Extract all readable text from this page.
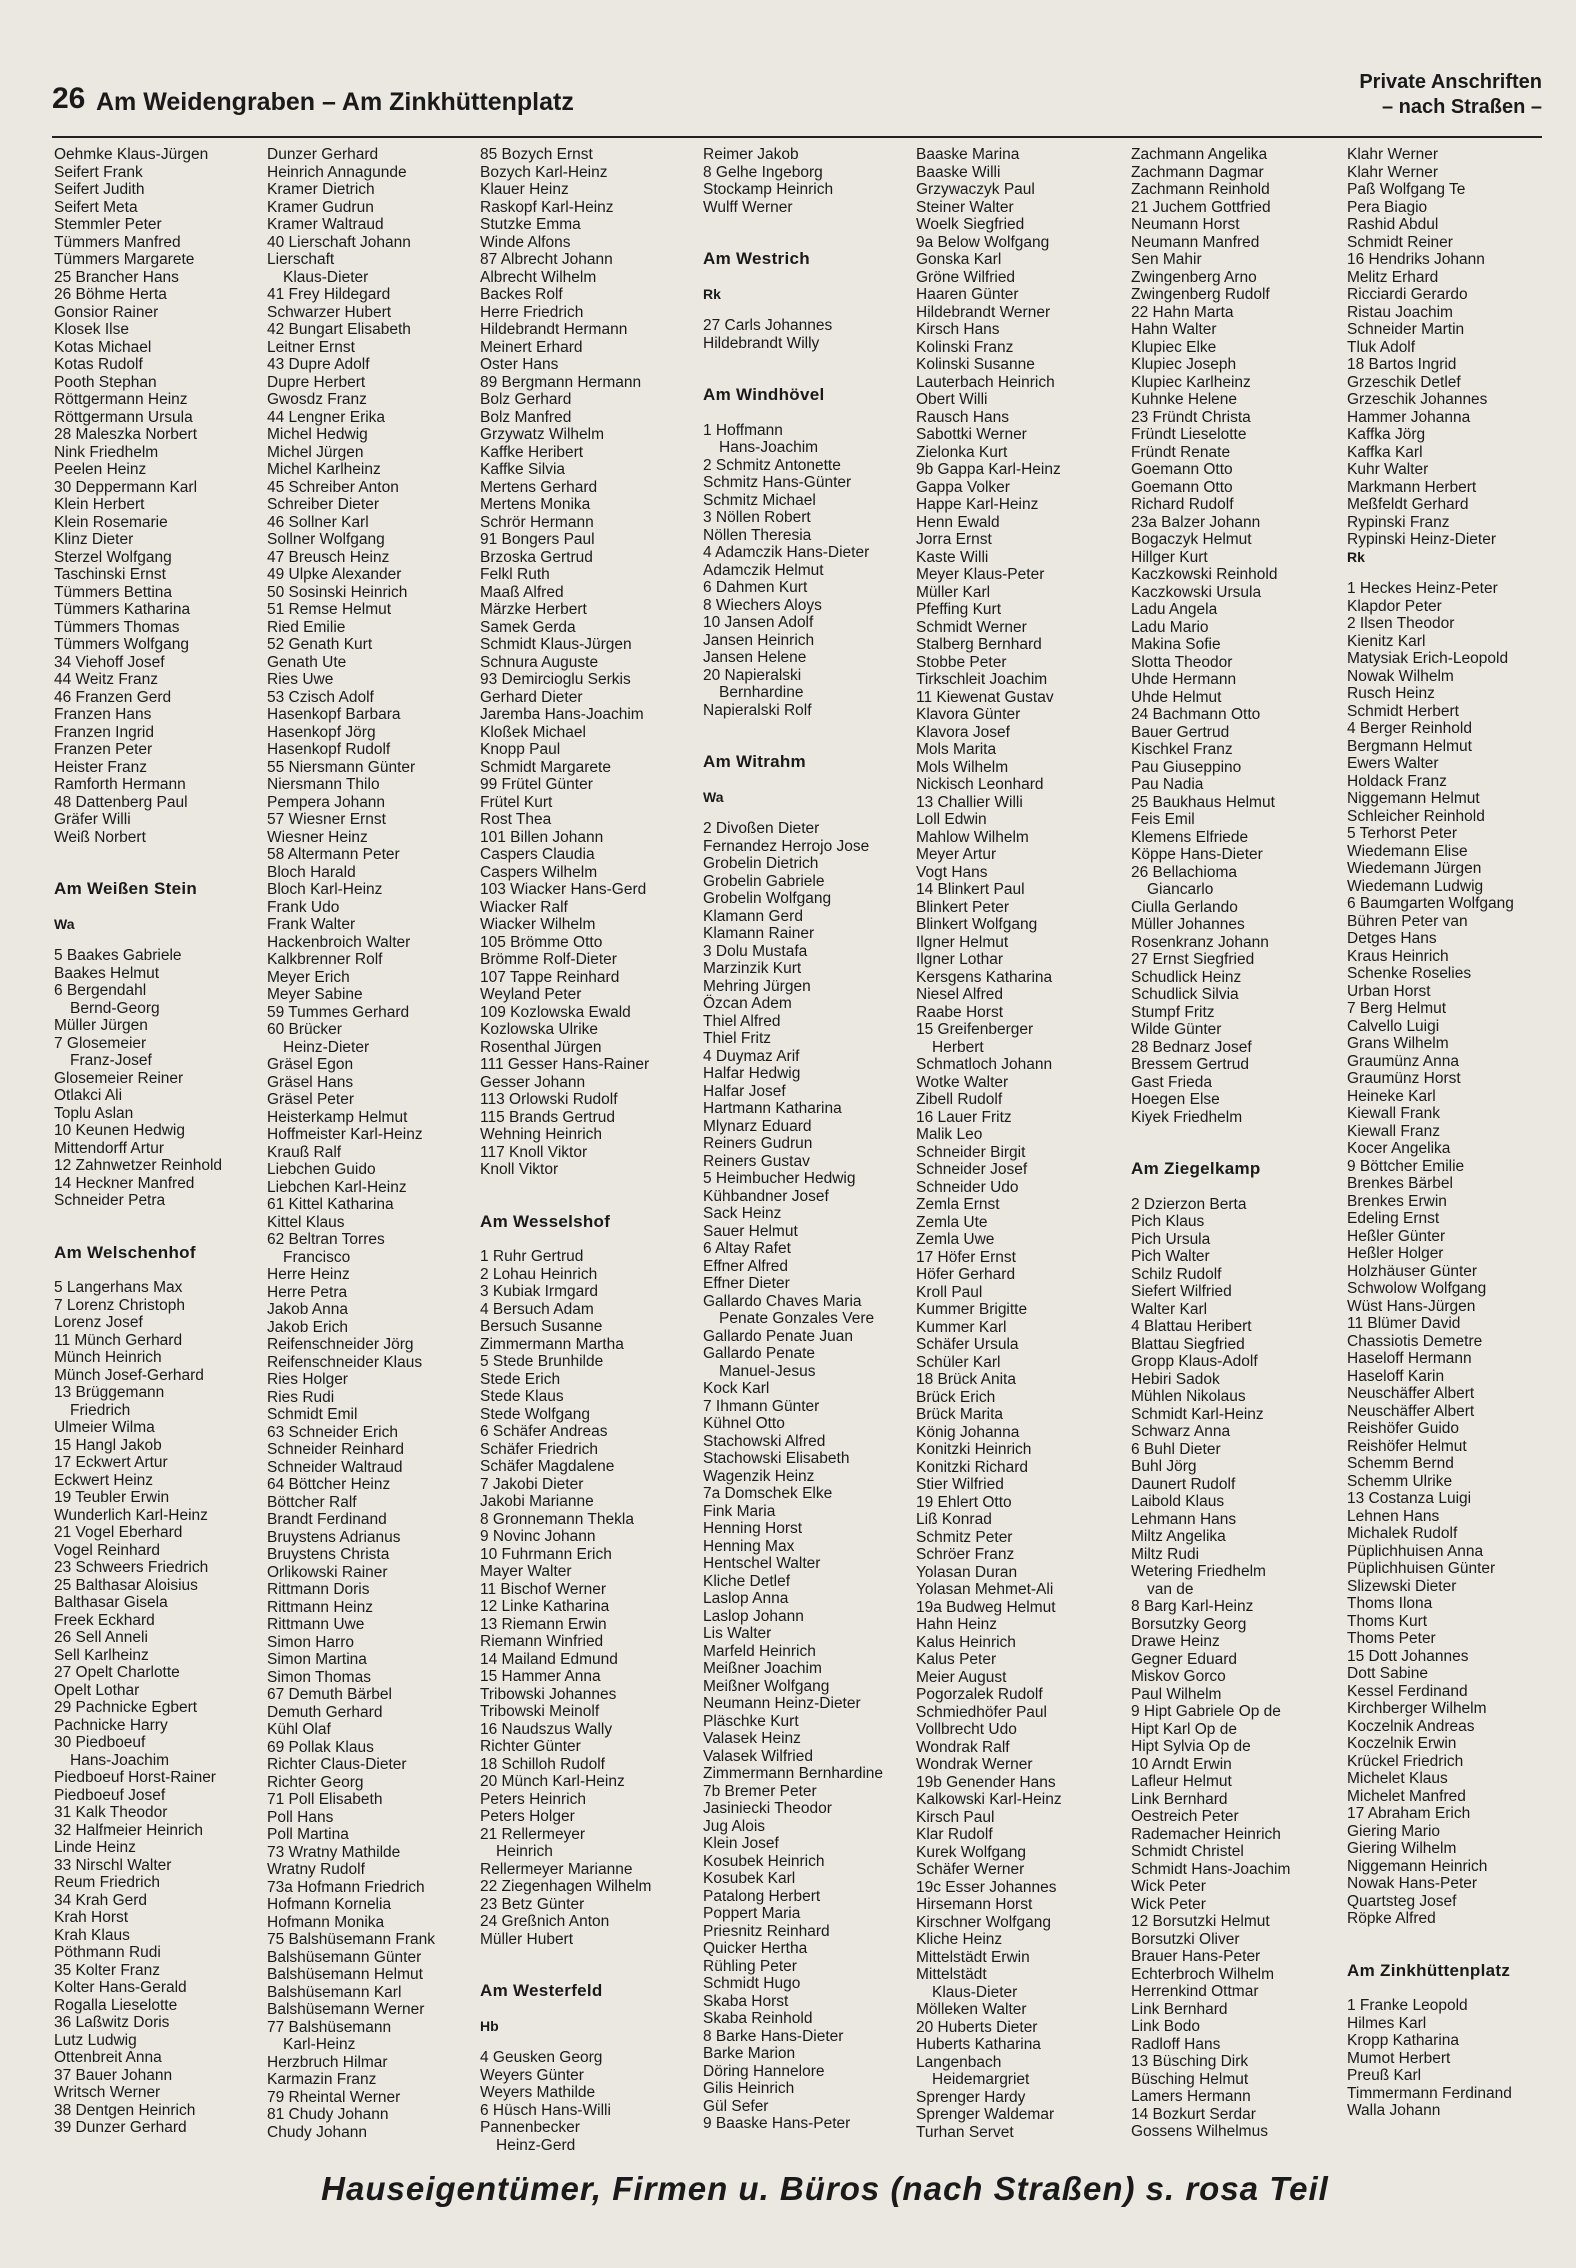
26 Am Weidengraben – Am Zinkhüttenplatz
Private Anschriften
– nach Straßen –
Oehmke Klaus-Jürgen
Seifert Frank
Seifert Judith
Seifert Meta
Stemmler Peter
Tümmers Manfred
Tümmers Margarete
25 Brancher Hans
26 Böhme Herta
Gonsior Rainer
Klosek Ilse
Kotas Michael
Kotas Rudolf
Pooth Stephan
Röttgermann Heinz
Röttgermann Ursula
28 Maleszka Norbert
Nink Friedhelm
Peelen Heinz
30 Deppermann Karl
Klein Herbert
Klein Rosemarie
Klinz Dieter
Sterzel Wolfgang
Taschinski Ernst
Tümmers Bettina
Tümmers Katharina
Tümmers Thomas
Tümmers Wolfgang
34 Viehoff Josef
44 Weitz Franz
46 Franzen Gerd
Franzen Hans
Franzen Ingrid
Franzen Peter
Heister Franz
Ramforth Hermann
48 Dattenberg Paul
Gräfer Willi
Weiß Norbert
Am Weißen Stein
Wa
5 Baakes Gabriele
Baakes Helmut
6 Bergendahl
Bernd-Georg
Müller Jürgen
7 Glosemeier
Franz-Josef
Glosemeier Reiner
Otlakci Ali
Toplu Aslan
10 Keunen Hedwig
Mittendorff Artur
12 Zahnwetzer Reinhold
14 Heckner Manfred
Schneider Petra
Am Welschenhof
5 Langerhans Max
7 Lorenz Christoph
Lorenz Josef
11 Münch Gerhard
Münch Heinrich
Münch Josef-Gerhard
13 Brüggemann
Friedrich
Ulmeier Wilma
15 Hangl Jakob
17 Eckwert Artur
Eckwert Heinz
19 Teubler Erwin
Wunderlich Karl-Heinz
21 Vogel Eberhard
Vogel Reinhard
23 Schweers Friedrich
25 Balthasar Aloisius
Balthasar Gisela
Freek Eckhard
26 Sell Anneli
Sell Karlheinz
27 Opelt Charlotte
Opelt Lothar
29 Pachnicke Egbert
Pachnicke Harry
30 Piedboeuf
Hans-Joachim
Piedboeuf Horst-Rainer
Piedboeuf Josef
31 Kalk Theodor
32 Halfmeier Heinrich
Linde Heinz
33 Nirschl Walter
Reum Friedrich
34 Krah Gerd
Krah Horst
Krah Klaus
Pöthmann Rudi
35 Kolter Franz
Kolter Hans-Gerald
Rogalla Lieselotte
36 Laßwitz Doris
Lutz Ludwig
Ottenbreit Anna
37 Bauer Johann
Writsch Werner
38 Dentgen Heinrich
39 Dunzer Gerhard
Dunzer Gerhard
Heinrich Annagunde
Kramer Dietrich
Kramer Gudrun
Kramer Waltraud
40 Lierschaft Johann
Lierschaft
Klaus-Dieter
41 Frey Hildegard
Schwarzer Hubert
42 Bungart Elisabeth
Leitner Ernst
43 Dupre Adolf
Dupre Herbert
Gwosdz Franz
44 Lengner Erika
Michel Hedwig
Michel Jürgen
Michel Karlheinz
45 Schreiber Anton
Schreiber Dieter
46 Sollner Karl
Sollner Wolfgang
47 Breusch Heinz
49 Ulpke Alexander
50 Sosinski Heinrich
51 Remse Helmut
Ried Emilie
52 Genath Kurt
Genath Ute
Ries Uwe
53 Czisch Adolf
Hasenkopf Barbara
Hasenkopf Jörg
Hasenkopf Rudolf
55 Niersmann Günter
Niersmann Thilo
Pempera Johann
57 Wiesner Ernst
Wiesner Heinz
58 Altermann Peter
Bloch Harald
Bloch Karl-Heinz
Frank Udo
Frank Walter
Hackenbroich Walter
Kalkbrenner Rolf
Meyer Erich
Meyer Sabine
59 Tummes Gerhard
60 Brücker
Heinz-Dieter
Gräsel Egon
Gräsel Hans
Gräsel Peter
Heisterkamp Helmut
Hoffmeister Karl-Heinz
Krauß Ralf
Liebchen Guido
Liebchen Karl-Heinz
61 Kittel Katharina
Kittel Klaus
62 Beltran Torres
Francisco
Herre Heinz
Herre Petra
Jakob Anna
Jakob Erich
Reifenschneider Jörg
Reifenschneider Klaus
Ries Holger
Ries Rudi
Schmidt Emil
63 Schneider Erich
Schneider Reinhard
Schneider Waltraud
64 Böttcher Heinz
Böttcher Ralf
Brandt Ferdinand
Bruystens Adrianus
Bruystens Christa
Orlikowski Rainer
Rittmann Doris
Rittmann Heinz
Rittmann Uwe
Simon Harro
Simon Martina
Simon Thomas
67 Demuth Bärbel
Demuth Gerhard
Kühl Olaf
69 Pollak Klaus
Richter Claus-Dieter
Richter Georg
71 Poll Elisabeth
Poll Hans
Poll Martina
73 Wratny Mathilde
Wratny Rudolf
73a Hofmann Friedrich
Hofmann Kornelia
Hofmann Monika
75 Balshüsemann Frank
Balshüsemann Günter
Balshüsemann Helmut
Balshüsemann Karl
Balshüsemann Werner
77 Balshüsemann
Karl-Heinz
Herzbruch Hilmar
Karmazin Franz
79 Rheintal Werner
81 Chudy Johann
Chudy Johann
85 Bozych Ernst
Bozych Karl-Heinz
Klauer Heinz
Raskopf Karl-Heinz
Stutzke Emma
Winde Alfons
87 Albrecht Johann
Albrecht Wilhelm
Backes Rolf
Herre Friedrich
Hildebrandt Hermann
Meinert Erhard
Oster Hans
89 Bergmann Hermann
Bolz Gerhard
Bolz Manfred
Grzywatz Wilhelm
Kaffke Heribert
Kaffke Silvia
Mertens Gerhard
Mertens Monika
Schrör Hermann
91 Bongers Paul
Brzoska Gertrud
Felkl Ruth
Maaß Alfred
Märzke Herbert
Samek Gerda
Schmidt Klaus-Jürgen
Schnura Auguste
93 Demircioglu Serkis
Gerhard Dieter
Jaremba Hans-Joachim
Kloßek Michael
Knopp Paul
Schmidt Margarete
99 Frütel Günter
Frütel Kurt
Rost Thea
101 Billen Johann
Caspers Claudia
Caspers Wilhelm
103 Wiacker Hans-Gerd
Wiacker Ralf
Wiacker Wilhelm
105 Brömme Otto
Brömme Rolf-Dieter
107 Tappe Reinhard
Weyland Peter
109 Kozlowska Ewald
Kozlowska Ulrike
Rosenthal Jürgen
111 Gesser Hans-Rainer
Gesser Johann
113 Orlowski Rudolf
115 Brands Gertrud
Wehning Heinrich
117 Knoll Viktor
Knoll Viktor
Am Wesselshof
1 Ruhr Gertrud
2 Lohau Heinrich
3 Kubiak Irmgard
4 Bersuch Adam
Bersuch Susanne
Zimmermann Martha
5 Stede Brunhilde
Stede Erich
Stede Klaus
Stede Wolfgang
6 Schäfer Andreas
Schäfer Friedrich
Schäfer Magdalene
7 Jakobi Dieter
Jakobi Marianne
8 Gronnemann Thekla
9 Novinc Johann
10 Fuhrmann Erich
Mayer Walter
11 Bischof Werner
12 Linke Katharina
13 Riemann Erwin
Riemann Winfried
14 Mailand Edmund
15 Hammer Anna
Tribowski Johannes
Tribowski Meinolf
16 Naudszus Wally
Richter Günter
18 Schilloh Rudolf
20 Münch Karl-Heinz
Peters Heinrich
Peters Holger
21 Rellermeyer
Heinrich
Rellermeyer Marianne
22 Ziegenhagen Wilhelm
23 Betz Günter
24 Greßnich Anton
Müller Hubert
Am Westerfeld
Hb
4 Geusken Georg
Weyers Günter
Weyers Mathilde
6 Hüsch Hans-Willi
Pannenbecker
Heinz-Gerd
Reimer Jakob
8 Gelhe Ingeborg
Stockamp Heinrich
Wulff Werner
Am Westrich
Rk
27 Carls Johannes
Hildebrandt Willy
Am Windhövel
1 Hoffmann
Hans-Joachim
2 Schmitz Antonette
Schmitz Hans-Günter
Schmitz Michael
3 Nöllen Robert
Nöllen Theresia
4 Adamczik Hans-Dieter
Adamczik Helmut
6 Dahmen Kurt
8 Wiechers Aloys
10 Jansen Adolf
Jansen Heinrich
Jansen Helene
20 Napieralski
Bernhardine
Napieralski Rolf
Am Witrahm
Wa
2 Divoßen Dieter
Fernandez Herrojo Jose
Grobelin Dietrich
Grobelin Gabriele
Grobelin Wolfgang
Klamann Gerd
Klamann Rainer
3 Dolu Mustafa
Marzinzik Kurt
Mehring Jürgen
Özcan Adem
Thiel Alfred
Thiel Fritz
4 Duymaz Arif
Halfar Hedwig
Halfar Josef
Hartmann Katharina
Mlynarz Eduard
Reiners Gudrun
Reiners Gustav
5 Heimbucher Hedwig
Kühbandner Josef
Sack Heinz
Sauer Helmut
6 Altay Rafet
Effner Alfred
Effner Dieter
Gallardo Chaves Maria
Penate Gonzales Vere
Gallardo Penate Juan
Gallardo Penate
Manuel-Jesus
Kock Karl
7 Ihmann Günter
Kühnel Otto
Stachowski Alfred
Stachowski Elisabeth
Wagenzik Heinz
7a Domschek Elke
Fink Maria
Henning Horst
Henning Max
Hentschel Walter
Kliche Detlef
Laslop Anna
Laslop Johann
Lis Walter
Marfeld Heinrich
Meißner Joachim
Meißner Wolfgang
Neumann Heinz-Dieter
Pläschke Kurt
Valasek Heinz
Valasek Wilfried
Zimmermann Bernhardine
7b Bremer Peter
Jasiniecki Theodor
Jug Alois
Klein Josef
Kosubek Heinrich
Kosubek Karl
Patalong Herbert
Poppert Maria
Priesnitz Reinhard
Quicker Hertha
Rühling Peter
Schmidt Hugo
Skaba Horst
Skaba Reinhold
8 Barke Hans-Dieter
Barke Marion
Döring Hannelore
Gilis Heinrich
Gül Sefer
9 Baaske Hans-Peter
Baaske Marina
Baaske Willi
Grzywaczyk Paul
Steiner Walter
Woelk Siegfried
9a Below Wolfgang
Gonska Karl
Gröne Wilfried
Haaren Günter
Hildebrandt Werner
Kirsch Hans
Kolinski Franz
Kolinski Susanne
Lauterbach Heinrich
Obert Willi
Rausch Hans
Sabottki Werner
Zielonka Kurt
9b Gappa Karl-Heinz
Gappa Volker
Happe Karl-Heinz
Henn Ewald
Jorra Ernst
Kaste Willi
Meyer Klaus-Peter
Müller Karl
Pfeffing Kurt
Schmidt Werner
Stalberg Bernhard
Stobbe Peter
Tirkschleit Joachim
11 Kiewenat Gustav
Klavora Günter
Klavora Josef
Mols Marita
Mols Wilhelm
Nickisch Leonhard
13 Challier Willi
Loll Edwin
Mahlow Wilhelm
Meyer Artur
Vogt Hans
14 Blinkert Paul
Blinkert Peter
Blinkert Wolfgang
Ilgner Helmut
Ilgner Lothar
Kersgens Katharina
Niesel Alfred
Raabe Horst
15 Greifenberger
Herbert
Schmatloch Johann
Wotke Walter
Zibell Rudolf
16 Lauer Fritz
Malik Leo
Schneider Birgit
Schneider Josef
Schneider Udo
Zemla Ernst
Zemla Ute
Zemla Uwe
17 Höfer Ernst
Höfer Gerhard
Kroll Paul
Kummer Brigitte
Kummer Karl
Schäfer Ursula
Schüler Karl
18 Brück Anita
Brück Erich
Brück Marita
König Johanna
Konitzki Heinrich
Konitzki Richard
Stier Wilfried
19 Ehlert Otto
Liß Konrad
Schmitz Peter
Schröer Franz
Yolasan Duran
Yolasan Mehmet-Ali
19a Budweg Helmut
Hahn Heinz
Kalus Heinrich
Kalus Peter
Meier August
Pogorzalek Rudolf
Schmiedhöfer Paul
Vollbrecht Udo
Wondrak Ralf
Wondrak Werner
19b Genender Hans
Kalkowski Karl-Heinz
Kirsch Paul
Klar Rudolf
Kurek Wolfgang
Schäfer Werner
19c Esser Johannes
Hirsemann Horst
Kirschner Wolfgang
Kliche Heinz
Mittelstädt Erwin
Mittelstädt
Klaus-Dieter
Mölleken Walter
20 Huberts Dieter
Huberts Katharina
Langenbach
Heidemargriet
Sprenger Hardy
Sprenger Waldemar
Turhan Servet
Zachmann Angelika
Zachmann Dagmar
Zachmann Reinhold
21 Juchem Gottfried
Neumann Horst
Neumann Manfred
Sen Mahir
Zwingenberg Arno
Zwingenberg Rudolf
22 Hahn Marta
Hahn Walter
Klupiec Elke
Klupiec Joseph
Klupiec Karlheinz
Kuhnke Helene
23 Fründt Christa
Fründt Lieselotte
Fründt Renate
Goemann Otto
Goemann Otto
Richard Rudolf
23a Balzer Johann
Bogaczyk Helmut
Hillger Kurt
Kaczkowski Reinhold
Kaczkowski Ursula
Ladu Angela
Ladu Mario
Makina Sofie
Slotta Theodor
Uhde Hermann
Uhde Helmut
24 Bachmann Otto
Bauer Gertrud
Kischkel Franz
Pau Giuseppino
Pau Nadia
25 Baukhaus Helmut
Feis Emil
Klemens Elfriede
Köppe Hans-Dieter
26 Bellachioma
Giancarlo
Ciulla Gerlando
Müller Johannes
Rosenkranz Johann
27 Ernst Siegfried
Schudlick Heinz
Schudlick Silvia
Stumpf Fritz
Wilde Günter
28 Bednarz Josef
Bressem Gertrud
Gast Frieda
Hoegen Else
Kiyek Friedhelm
Am Ziegelkamp
2 Dzierzon Berta
Pich Klaus
Pich Ursula
Pich Walter
Schilz Rudolf
Siefert Wilfried
Walter Karl
4 Blattau Heribert
Blattau Siegfried
Gropp Klaus-Adolf
Hebiri Sadok
Mühlen Nikolaus
Schmidt Karl-Heinz
Schwarz Anna
6 Buhl Dieter
Buhl Jörg
Daunert Rudolf
Laibold Klaus
Lehmann Hans
Miltz Angelika
Miltz Rudi
Wetering Friedhelm
van de
8 Barg Karl-Heinz
Borsutzky Georg
Drawe Heinz
Gegner Eduard
Miskov Gorco
Paul Wilhelm
9 Hipt Gabriele Op de
Hipt Karl Op de
Hipt Sylvia Op de
10 Arndt Erwin
Lafleur Helmut
Link Bernhard
Oestreich Peter
Rademacher Heinrich
Schmidt Christel
Schmidt Hans-Joachim
Wick Peter
Wick Peter
12 Borsutzki Helmut
Borsutzki Oliver
Brauer Hans-Peter
Echterbroch Wilhelm
Herrenkind Ottmar
Link Bernhard
Link Bodo
Radloff Hans
13 Büsching Dirk
Büsching Helmut
Lamers Hermann
14 Bozkurt Serdar
Gossens Wilhelmus
Klahr Werner
Klahr Werner
Paß Wolfgang Te
Pera Biagio
Rashid Abdul
Schmidt Reiner
16 Hendriks Johann
Melitz Erhard
Ricciardi Gerardo
Ristau Joachim
Schneider Martin
Tluk Adolf
18 Bartos Ingrid
Grzeschik Detlef
Grzeschik Johannes
Hammer Johanna
Kaffka Jörg
Kaffka Karl
Kuhr Walter
Markmann Herbert
Meßfeldt Gerhard
Rypinski Franz
Rypinski Heinz-Dieter
Rk
1 Heckes Heinz-Peter
Klapdor Peter
2 Ilsen Theodor
Kienitz Karl
Matysiak Erich-Leopold
Nowak Wilhelm
Rusch Heinz
Schmidt Herbert
4 Berger Reinhold
Bergmann Helmut
Ewers Walter
Holdack Franz
Niggemann Helmut
Schleicher Reinhold
5 Terhorst Peter
Wiedemann Elise
Wiedemann Jürgen
Wiedemann Ludwig
6 Baumgarten Wolfgang
Bühren Peter van
Detges Hans
Kraus Heinrich
Schenke Roselies
Urban Horst
7 Berg Helmut
Calvello Luigi
Grans Wilhelm
Graumünz Anna
Graumünz Horst
Heineke Karl
Kiewall Frank
Kiewall Franz
Kocer Angelika
9 Böttcher Emilie
Brenkes Bärbel
Brenkes Erwin
Edeling Ernst
Heßler Günter
Heßler Holger
Holzhäuser Günter
Schwolow Wolfgang
Wüst Hans-Jürgen
11 Blümer David
Chassiotis Demetre
Haseloff Hermann
Haseloff Karin
Neuschäffer Albert
Neuschäffer Albert
Reishöfer Guido
Reishöfer Helmut
Schemm Bernd
Schemm Ulrike
13 Costanza Luigi
Lehnen Hans
Michalek Rudolf
Püplichhuisen Anna
Püplichhuisen Günter
Slizewski Dieter
Thoms Ilona
Thoms Kurt
Thoms Peter
15 Dott Johannes
Dott Sabine
Kessel Ferdinand
Kirchberger Wilhelm
Koczelnik Andreas
Koczelnik Erwin
Krückel Friedrich
Michelet Klaus
Michelet Manfred
17 Abraham Erich
Giering Mario
Giering Wilhelm
Niggemann Heinrich
Nowak Hans-Peter
Quartsteg Josef
Röpke Alfred
Am Zinkhüttenplatz
1 Franke Leopold
Hilmes Karl
Kropp Katharina
Mumot Herbert
Preuß Karl
Timmermann Ferdinand
Walla Johann
Hauseigentümer, Firmen u. Büros (nach Straßen) s. rosa Teil
